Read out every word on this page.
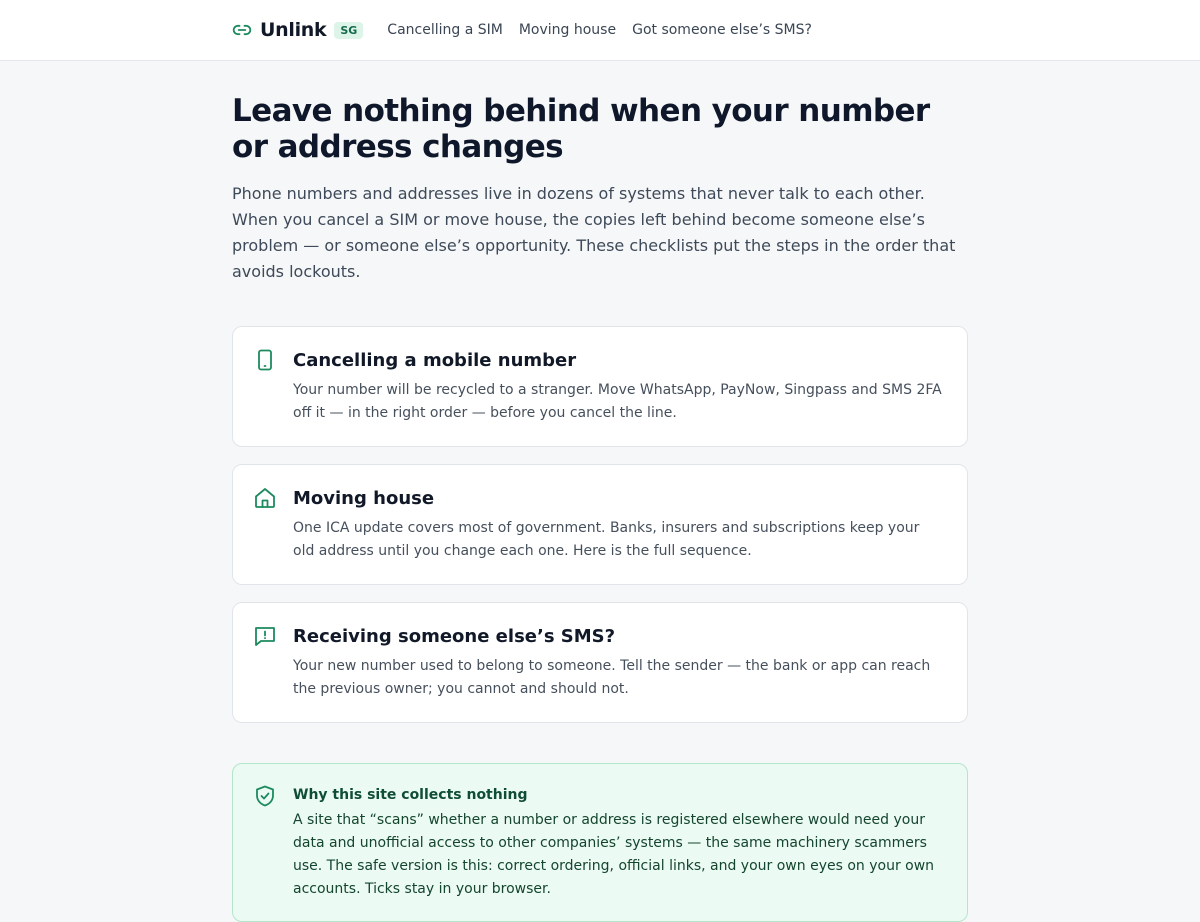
Unlink	SG	Cancelling a SIM Moving house Got someone else’s SMS?
Leave nothing behind when your number or address changes

Phone numbers and addresses live in dozens of systems that never talk to each other. When you cancel a SIM or move house, the copies left behind become someone else’s problem — or someone else’s opportunity. These checklists put the steps in the order that avoids lockouts.

Cancelling a mobile number

Your number will be recycled to a stranger. Move WhatsApp, PayNow, Singpass and SMS 2FA off it — in the right order — before you cancel the line.

Moving house

One ICA update covers most of government. Banks, insurers and subscriptions keep your old address until you change each one. Here is the full sequence.

Receiving someone else’s SMS?

Your new number used to belong to someone. Tell the sender — the bank or app can reach the previous owner; you cannot and should not.

Why this site collects nothing

A site that “scans” whether a number or address is registered elsewhere would need your data and unofficial access to other companies’ systems — the same machinery scammers use. The safe version is this: correct ordering, official links, and your own eyes on your own accounts. Ticks stay in your browser.
